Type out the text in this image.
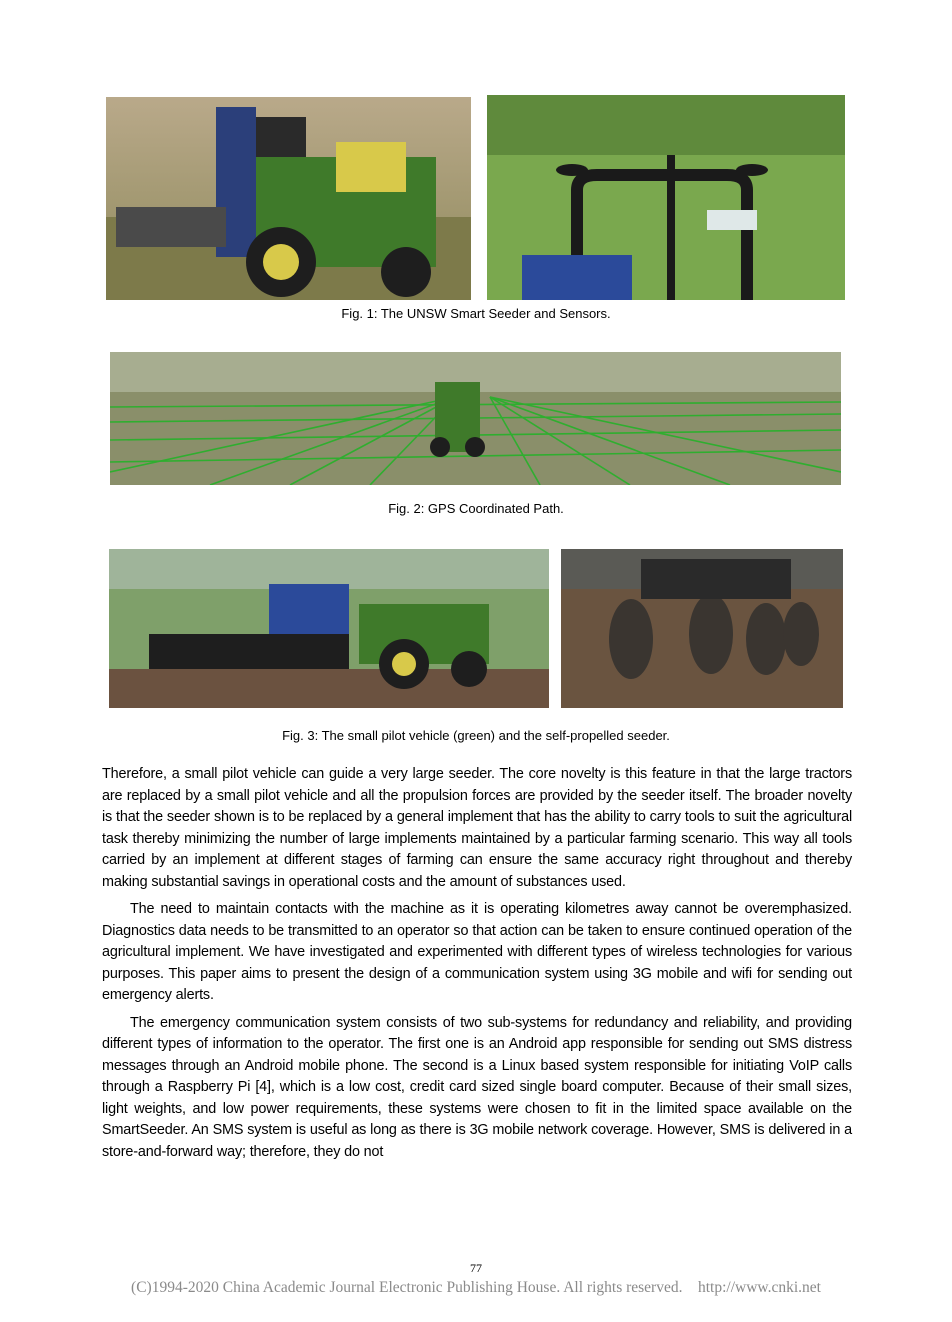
Fig. 1: The UNSW Smart Seeder and Sensors.
Fig. 2: GPS Coordinated Path.
Fig. 3: The small pilot vehicle (green) and the self-propelled seeder.

Therefore, a small pilot vehicle can guide a very large seeder. The core novelty is this feature in that the large tractors are replaced by a small pilot vehicle and all the propulsion forces are provided by the seeder itself. The broader novelty is that the seeder shown is to be replaced by a general implement that has the ability to carry tools to suit the agricultural task thereby minimizing the number of large implements maintained by a particular farming scenario. This way all tools carried by an implement at different stages of farming can ensure the same accuracy right throughout and thereby making substantial savings in operational costs and the amount of substances used.

The need to maintain contacts with the machine as it is operating kilometres away cannot be overemphasized. Diagnostics data needs to be transmitted to an operator so that action can be taken to ensure continued operation of the agricultural implement. We have investigated and experimented with different types of wireless technologies for various purposes. This paper aims to present the design of a communication system using 3G mobile and wifi for sending out emergency alerts.

The emergency communication system consists of two sub-systems for redundancy and reliability, and providing different types of information to the operator. The first one is an Android app responsible for sending out SMS distress messages through an Android mobile phone. The second is a Linux based system responsible for initiating VoIP calls through a Raspberry Pi [4], which is a low cost, credit card sized single board computer. Because of their small sizes, light weights, and low power requirements, these systems were chosen to fit in the limited space available on the SmartSeeder. An SMS system is useful as long as there is 3G mobile network coverage. However, SMS is delivered in a store-and-forward way; therefore, they do not

77
(C)1994-2020 China Academic Journal Electronic Publishing House. All rights reserved.    http://www.cnki.net
